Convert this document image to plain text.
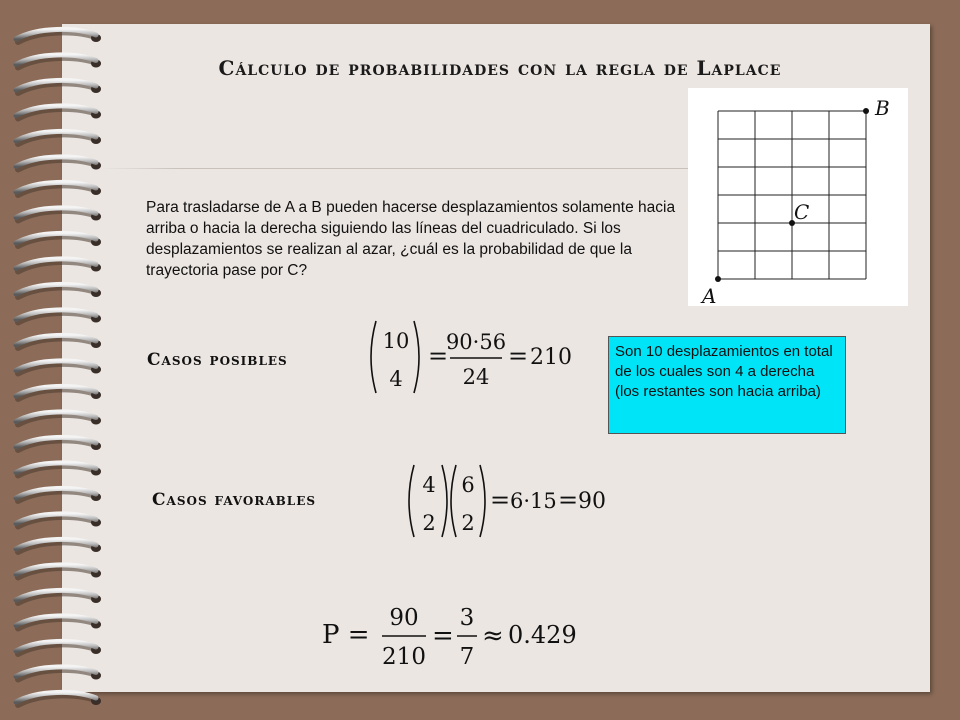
Cálculo de probabilidades con la regla de Laplace
A
B
C

Para trasladarse de A a B pueden hacerse desplazamientos solamente hacia arriba o hacia la derecha siguiendo las líneas del cuadriculado. Si los desplazamientos se realizan al azar, ¿cuál es la probabilidad de que la trayectoria pase por C?

Casos posibles
10
4
=
90·56
24
= 210	Son 10 desplazamientos en total de los cuales son 4 a derecha (los restantes son hacia arriba)
Casos favorables
4
2
6
2
= 6·15 = 90
P =
90
210
=
3
7
≈ 0.429
